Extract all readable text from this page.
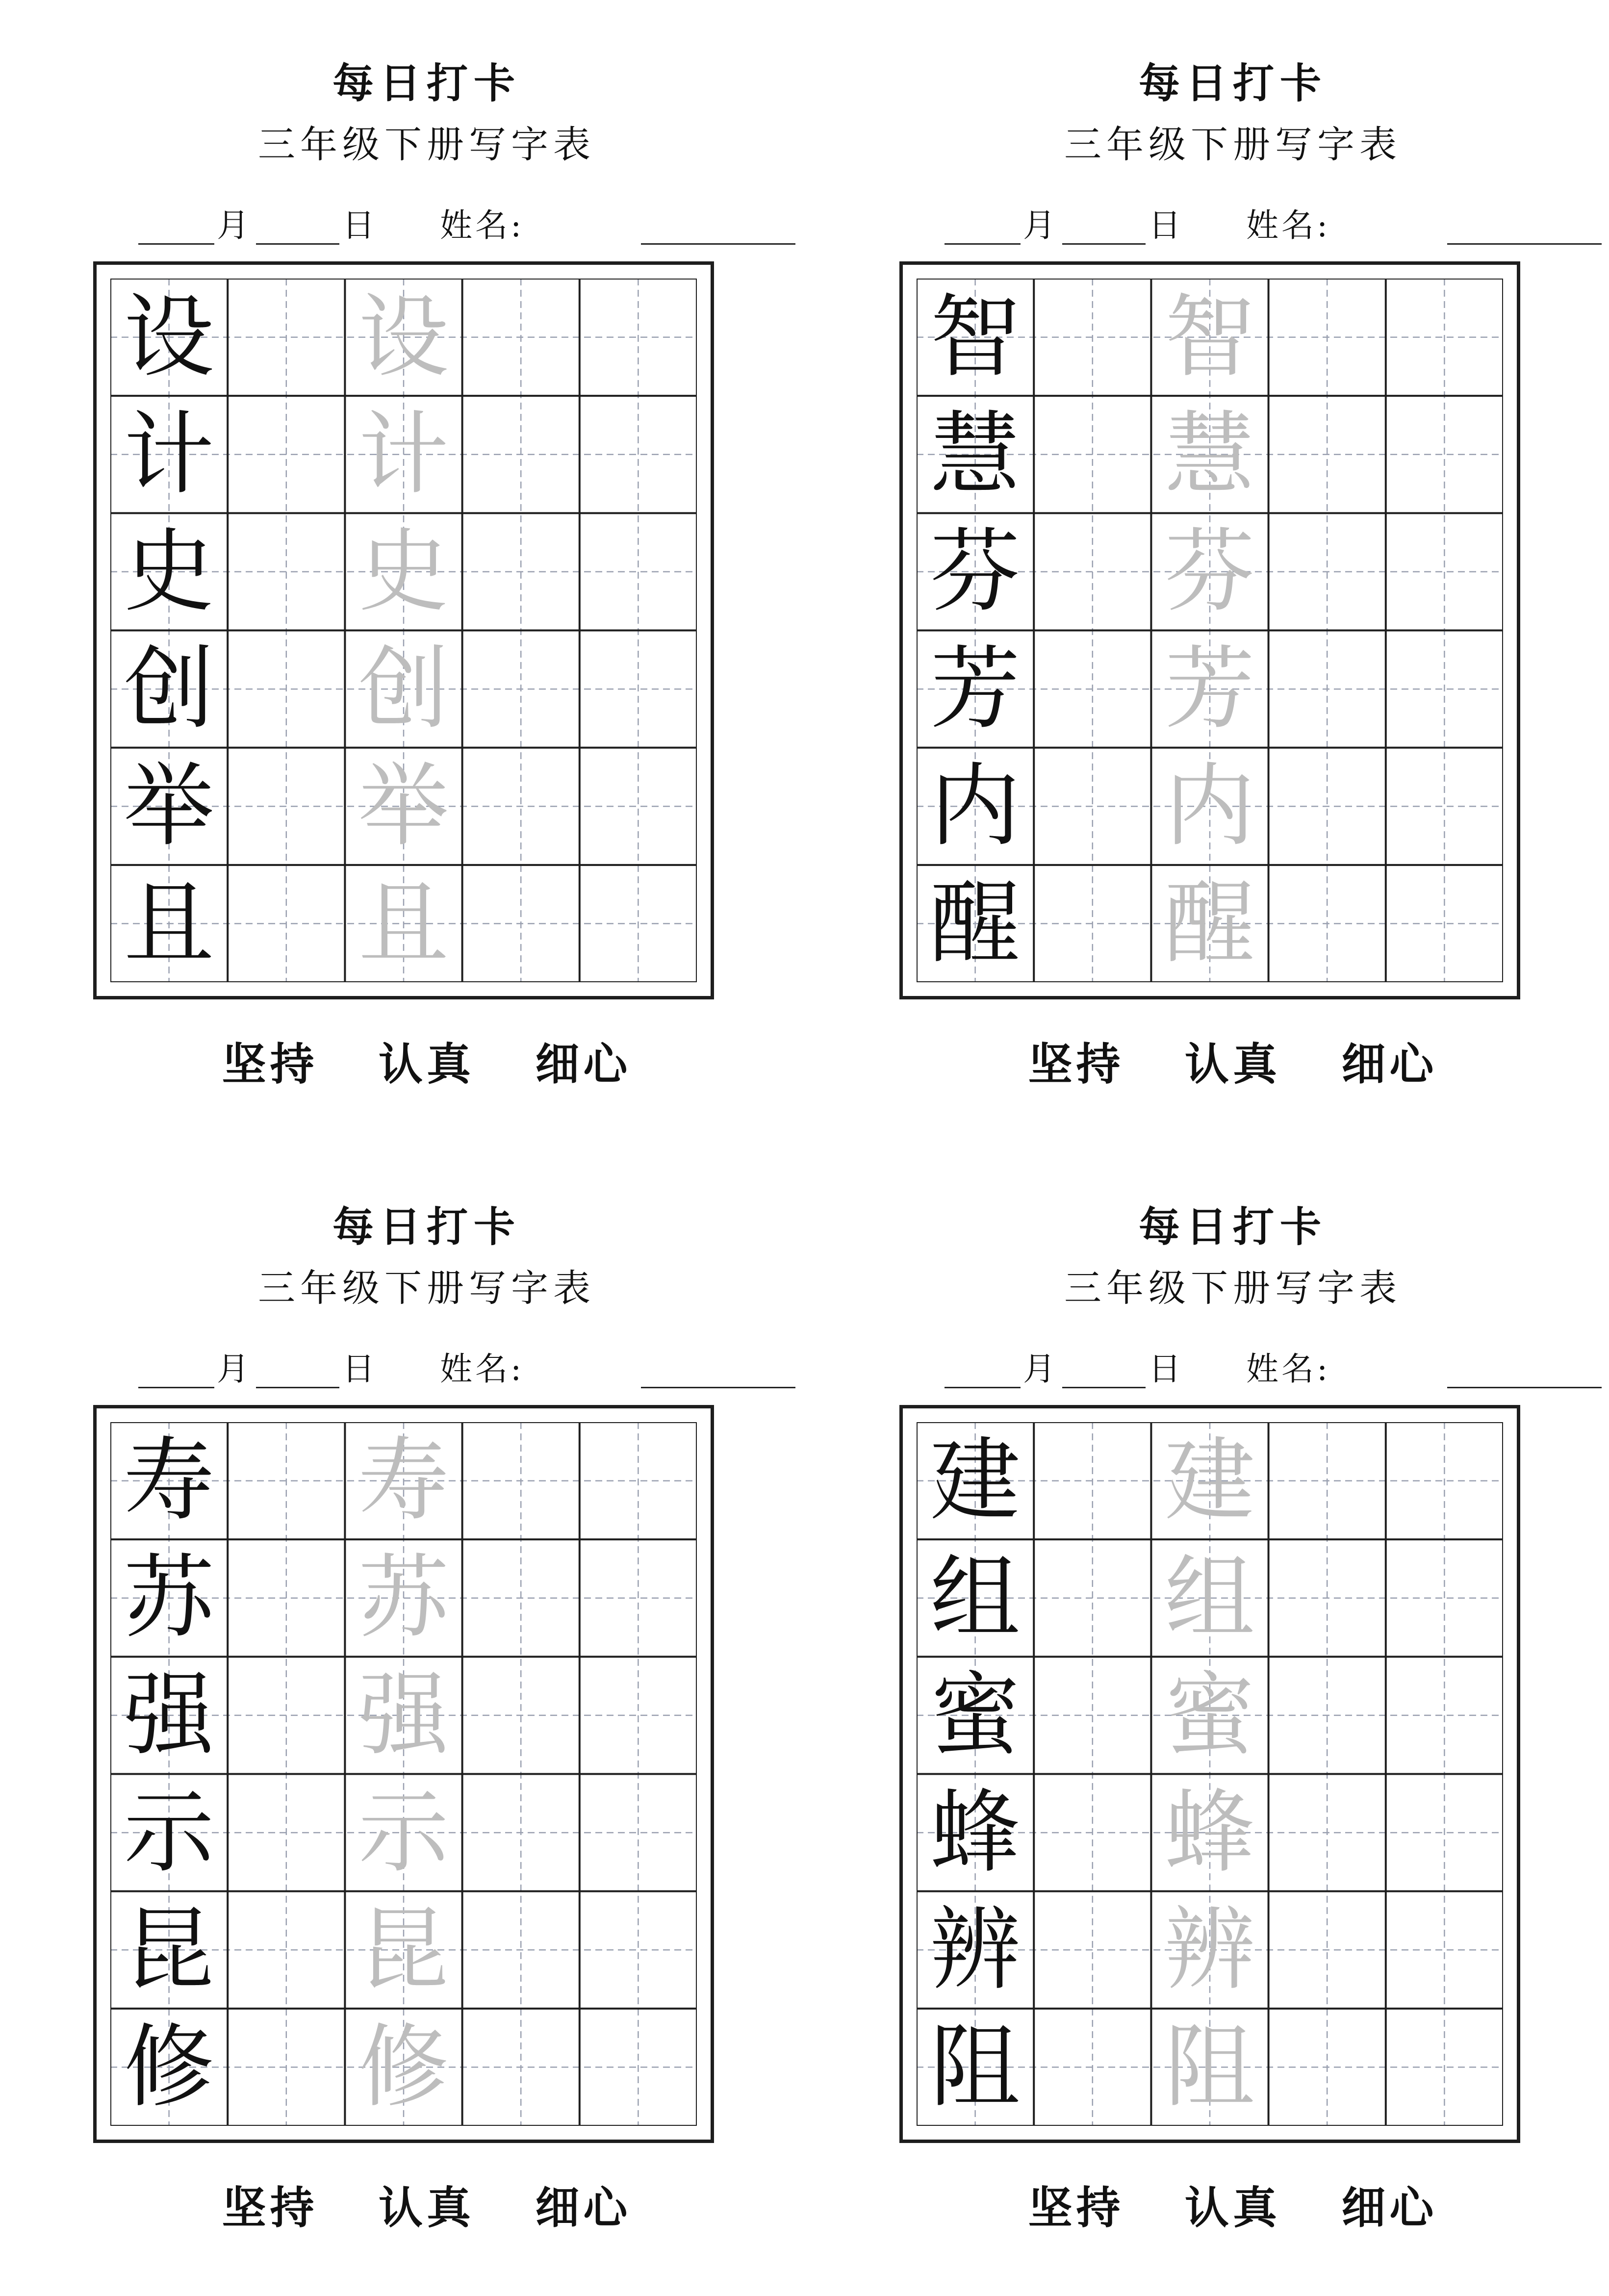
每日打卡
三年级下册写字表
月	日 姓名:
设 设
计 计
史 史
创 创
举 举
且 且
坚持 认真 细心
每日打卡
三年级下册写字表
月	日 姓名:
智 智
慧 慧
芬 芬
芳 芳
内 内
醒 醒
坚持 认真 细心
每日打卡
三年级下册写字表
月	日 姓名:
寿 寿
苏 苏
强 强
示 示
昆 昆
修 修
坚持 认真 细心
每日打卡
三年级下册写字表
月	日 姓名:
建 建
组 组
蜜 蜜
蜂 蜂
辨 辨
阻 阻
坚持 认真 细心
